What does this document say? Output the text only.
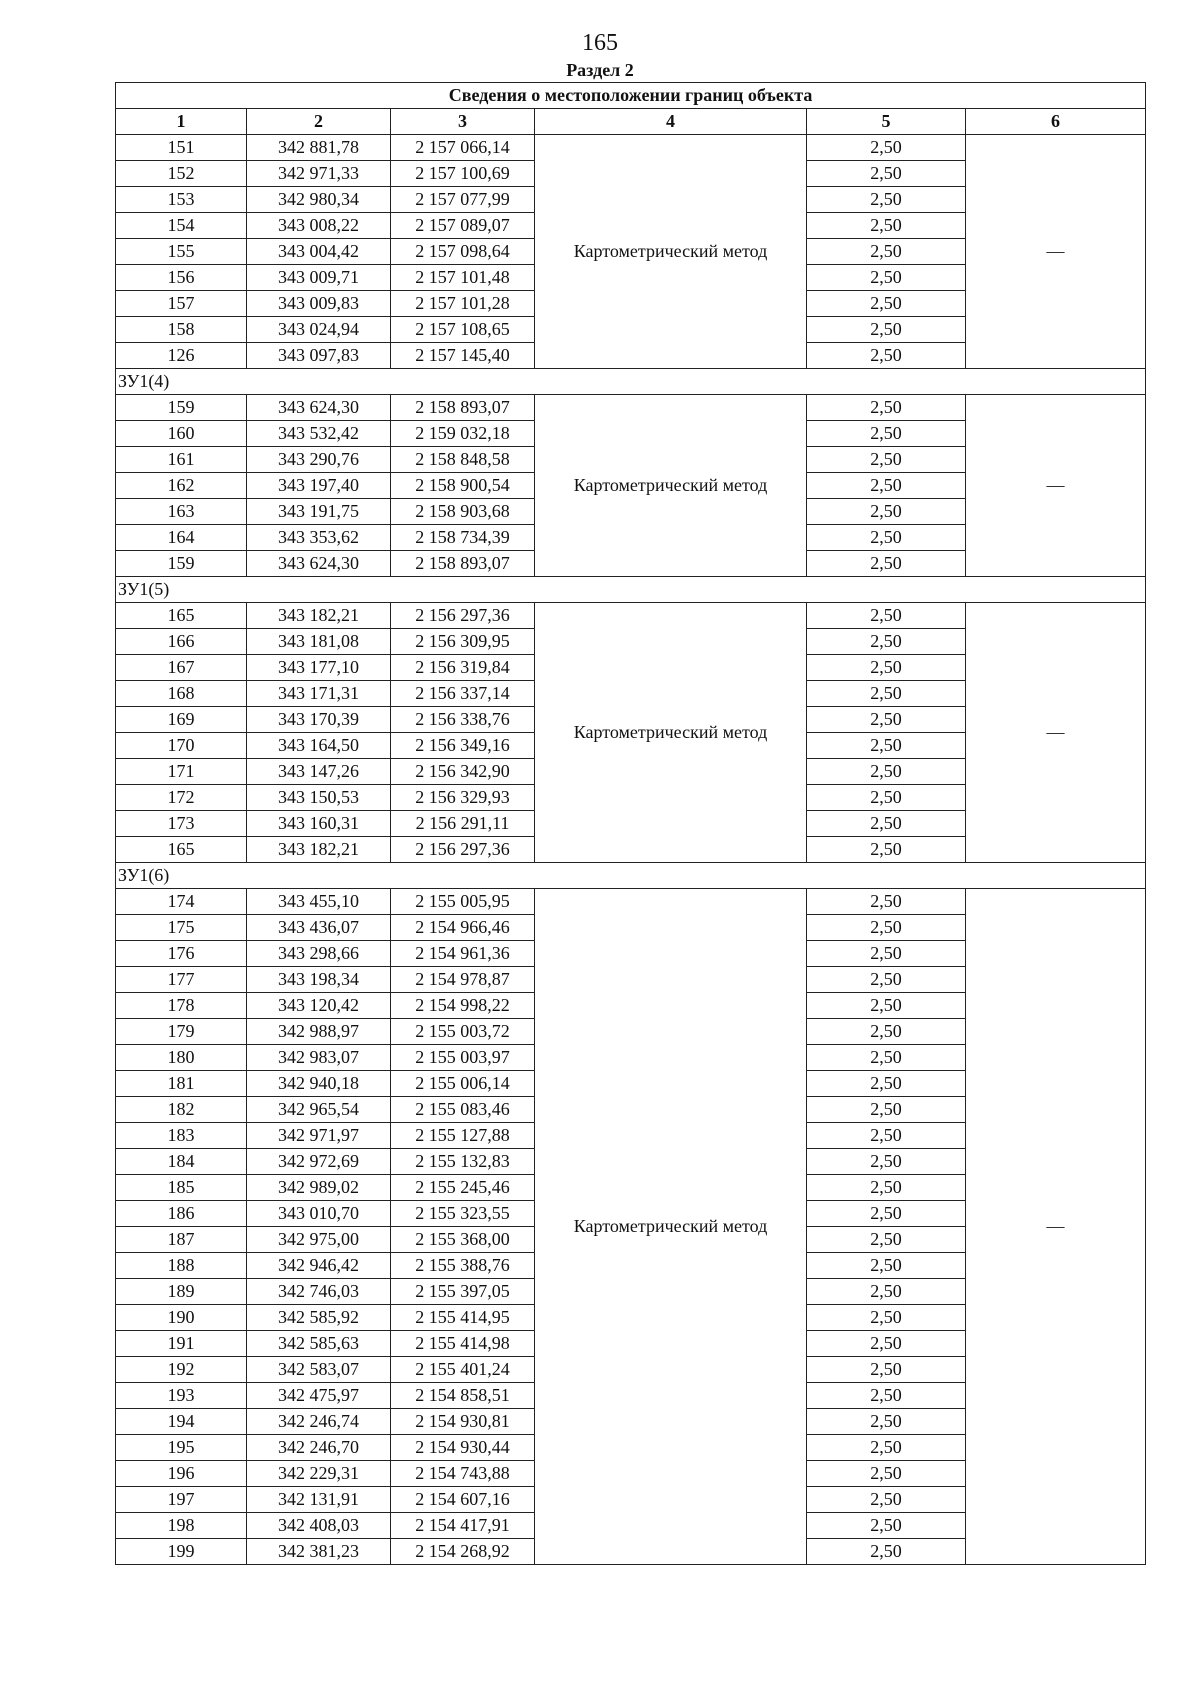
165
Раздел 2
Сведения о местоположении границ объекта					
1	2	3	4	5	6
151	342 881,78	2 157 066,14	Картометрический метод	2,50	—
152	342 971,33	2 157 100,69		2,50	
153	342 980,34	2 157 077,99		2,50	
154	343 008,22	2 157 089,07		2,50	
155	343 004,42	2 157 098,64		2,50	
156	343 009,71	2 157 101,48		2,50	
157	343 009,83	2 157 101,28		2,50	
158	343 024,94	2 157 108,65		2,50	
126	343 097,83	2 157 145,40		2,50	
ЗУ1(4)					
159	343 624,30	2 158 893,07	Картометрический метод	2,50	—
160	343 532,42	2 159 032,18		2,50	
161	343 290,76	2 158 848,58		2,50	
162	343 197,40	2 158 900,54		2,50	
163	343 191,75	2 158 903,68		2,50	
164	343 353,62	2 158 734,39		2,50	
159	343 624,30	2 158 893,07		2,50	
ЗУ1(5)					
165	343 182,21	2 156 297,36	Картометрический метод	2,50	—
166	343 181,08	2 156 309,95		2,50	
167	343 177,10	2 156 319,84		2,50	
168	343 171,31	2 156 337,14		2,50	
169	343 170,39	2 156 338,76		2,50	
170	343 164,50	2 156 349,16		2,50	
171	343 147,26	2 156 342,90		2,50	
172	343 150,53	2 156 329,93		2,50	
173	343 160,31	2 156 291,11		2,50	
165	343 182,21	2 156 297,36		2,50	
ЗУ1(6)					
174	343 455,10	2 155 005,95	Картометрический метод	2,50	—
175	343 436,07	2 154 966,46		2,50	
176	343 298,66	2 154 961,36		2,50	
177	343 198,34	2 154 978,87		2,50	
178	343 120,42	2 154 998,22		2,50	
179	342 988,97	2 155 003,72		2,50	
180	342 983,07	2 155 003,97		2,50	
181	342 940,18	2 155 006,14		2,50	
182	342 965,54	2 155 083,46		2,50	
183	342 971,97	2 155 127,88		2,50	
184	342 972,69	2 155 132,83		2,50	
185	342 989,02	2 155 245,46		2,50	
186	343 010,70	2 155 323,55		2,50	
187	342 975,00	2 155 368,00		2,50	
188	342 946,42	2 155 388,76		2,50	
189	342 746,03	2 155 397,05		2,50	
190	342 585,92	2 155 414,95		2,50	
191	342 585,63	2 155 414,98		2,50	
192	342 583,07	2 155 401,24		2,50	
193	342 475,97	2 154 858,51		2,50	
194	342 246,74	2 154 930,81		2,50	
195	342 246,70	2 154 930,44		2,50	
196	342 229,31	2 154 743,88		2,50	
197	342 131,91	2 154 607,16		2,50	
198	342 408,03	2 154 417,91		2,50	
199	342 381,23	2 154 268,92		2,50	
